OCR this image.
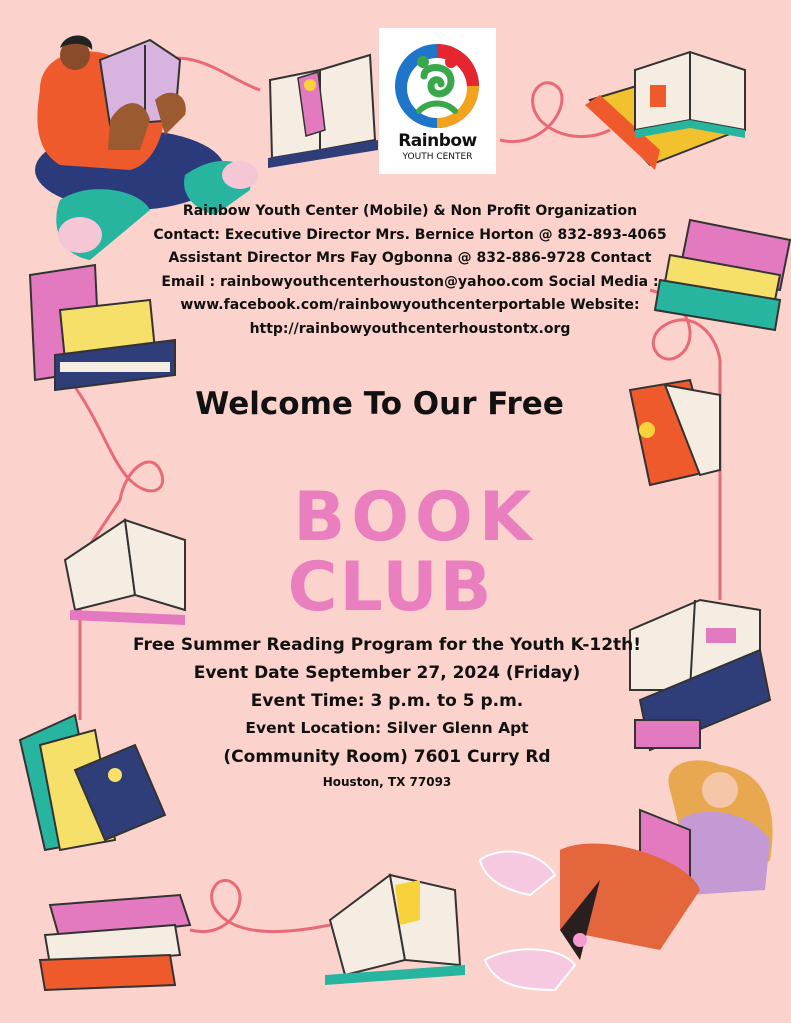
Rainbow
YOUTH CENTER
Rainbow Youth Center (Mobile) & Non Profit Organization
Contact: Executive Director Mrs. Bernice Horton @ 832-893-4065
Assistant Director Mrs Fay Ogbonna @ 832-886-9728 Contact
Email : rainbowyouthcenterhouston@yahoo.com Social Media :
www.facebook.com/rainbowyouthcenterportable Website:
http://rainbowyouthcenterhoustontx.org
Welcome To Our Free
BOOK
CLUB
Free Summer Reading Program for the Youth K-12th!
Event Date September 27, 2024 (Friday)
Event Time: 3 p.m. to 5 p.m.
Event Location: Silver Glenn Apt
(Community Room) 7601 Curry Rd
Houston, TX 77093
